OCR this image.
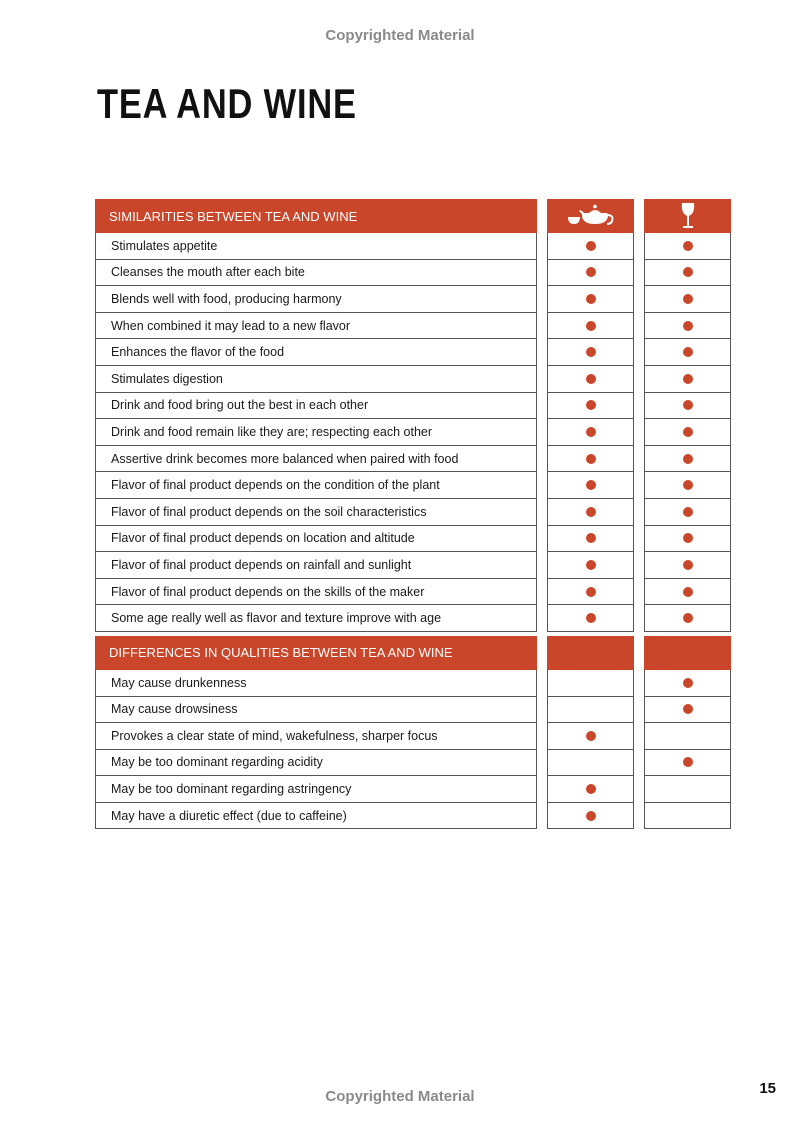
Copyrighted Material
TEA AND WINE
SIMILARITIES BETWEEN TEA AND WINE
Stimulates appetite
Cleanses the mouth after each bite
Blends well with food, producing harmony
When combined it may lead to a new flavor
Enhances the flavor of the food
Stimulates digestion
Drink and food bring out the best in each other
Drink and food remain like they are; respecting each other
Assertive drink becomes more balanced when paired with food
Flavor of final product depends on the condition of the plant
Flavor of final product depends on the soil characteristics
Flavor of final product depends on location and altitude
Flavor of final product depends on rainfall and sunlight
Flavor of final product depends on the skills of the maker
Some age really well as flavor and texture improve with age
DIFFERENCES IN QUALITIES BETWEEN TEA AND WINE
May cause drunkenness
May cause drowsiness
Provokes a clear state of mind, wakefulness, sharper focus
May be too dominant regarding acidity
May be too dominant regarding astringency
May have a diuretic effect (due to caffeine)
Copyrighted Material	15
